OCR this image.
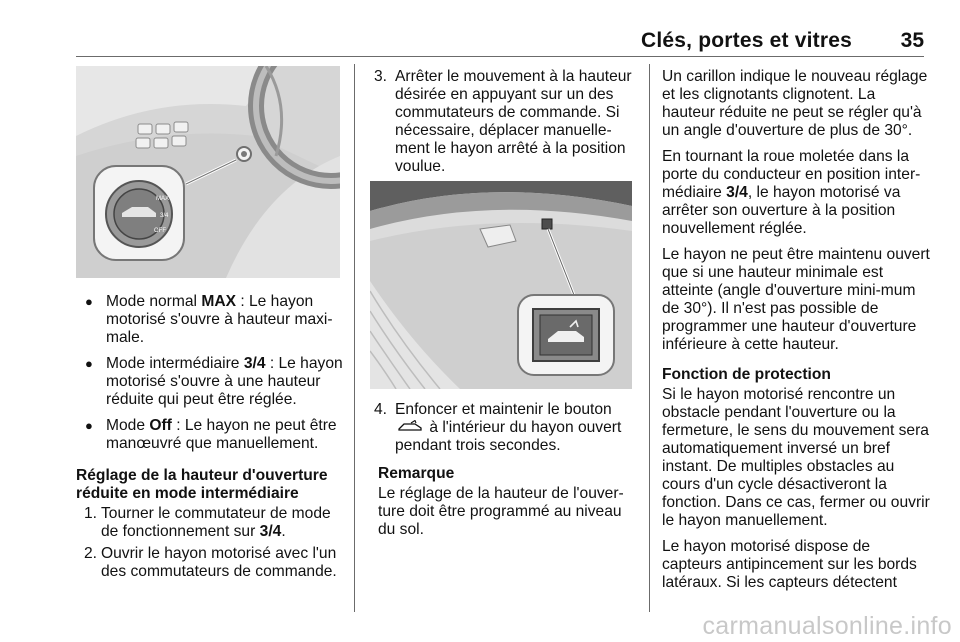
Clés, portes et vitres 35
MAX
3/4
OFF
● Mode normal MAX : Le hayon motorisé s'ouvre à hauteur maxi-male.
● Mode intermédiaire 3/4 : Le hayon motorisé s'ouvre à une hauteur réduite qui peut être réglée.
● Mode Off : Le hayon ne peut être manœuvré que manuellement.
Réglage de la hauteur d'ouverture réduite en mode intermédiaire
1. Tourner le commutateur de mode de fonctionnement sur 3/4.
2. Ouvrir le hayon motorisé avec l'un des commutateurs de commande.
3. Arrêter le mouvement à la hauteur désirée en appuyant sur un des commutateurs de commande. Si nécessaire, déplacer manuelle-ment le hayon arrêté à la position voulue.
4. Enfoncer et maintenir le bouton  à l'intérieur du hayon ouvert pendant trois secondes.
Remarque

Le réglage de la hauteur de l'ouver-ture doit être programmé au niveau du sol.

Un carillon indique le nouveau réglage et les clignotants clignotent. La hauteur réduite ne peut se régler qu'à un angle d'ouverture de plus de 30°.

En tournant la roue moletée dans la porte du conducteur en position inter-médiaire 3/4, le hayon motorisé va arrêter son ouverture à la position nouvellement réglée.

Le hayon ne peut être maintenu ouvert que si une hauteur minimale est atteinte (angle d'ouverture mini-mum de 30°). Il n'est pas possible de programmer une hauteur d'ouverture inférieure à cette hauteur.

Fonction de protection

Si le hayon motorisé rencontre un obstacle pendant l'ouverture ou la fermeture, le sens du mouvement sera automatiquement inversé un bref instant. De multiples obstacles au cours d'un cycle désactiveront la fonction. Dans ce cas, fermer ou ouvrir le hayon manuellement.

Le hayon motorisé dispose de capteurs antipincement sur les bords latéraux. Si les capteurs détectent

carmanualsonline.info
